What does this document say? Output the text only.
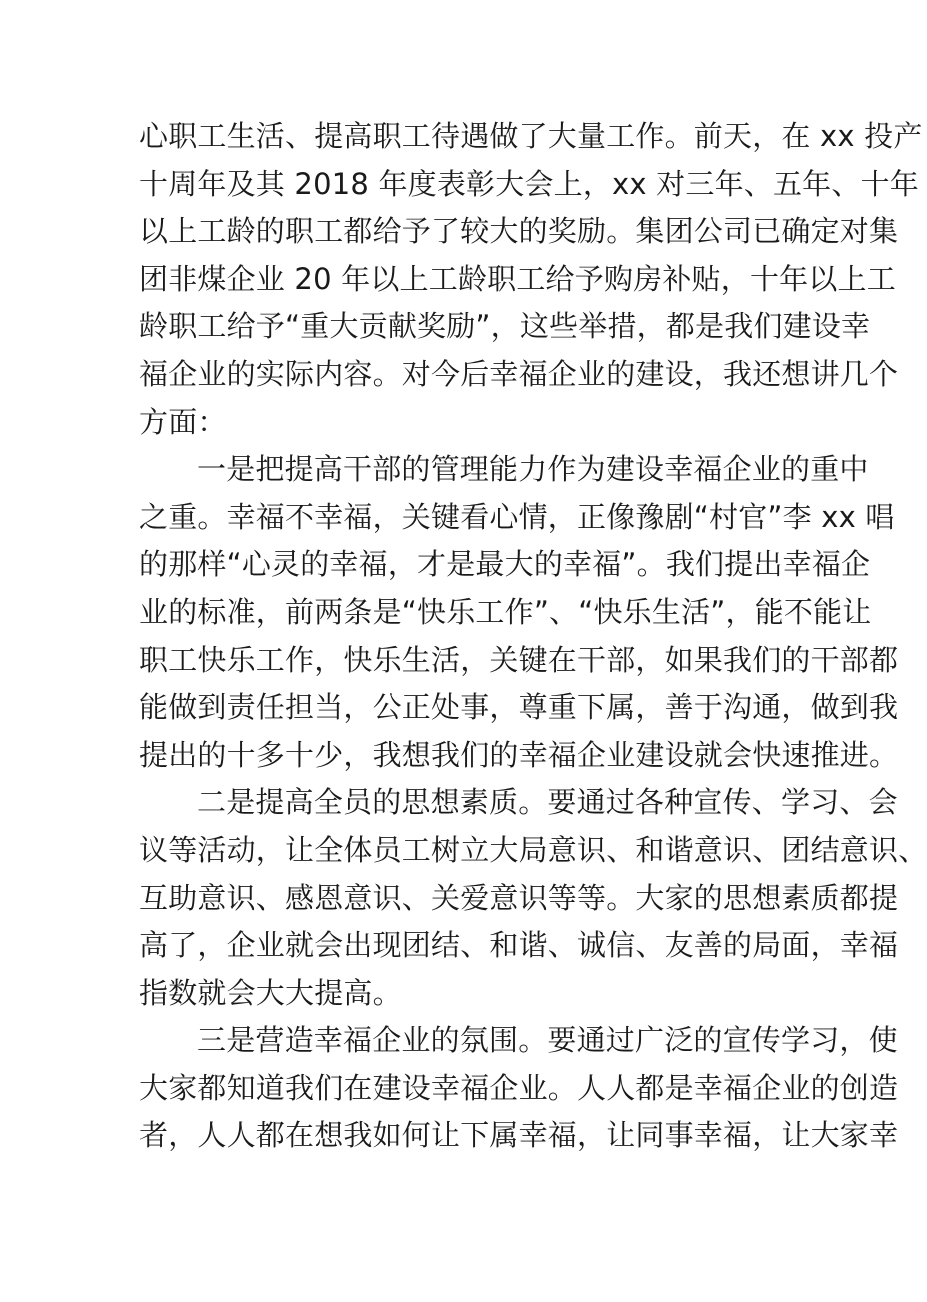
心职工生活、提高职工待遇做了大量工作。前天，在 xx 投产
十周年及其 2018 年度表彰大会上，xx 对三年、五年、十年
以上工龄的职工都给予了较大的奖励。集团公司已确定对集
团非煤企业 20 年以上工龄职工给予购房补贴，十年以上工
龄职工给予“重大贡献奖励”，这些举措，都是我们建设幸
福企业的实际内容。对今后幸福企业的建设，我还想讲几个
方面：
一是把提高干部的管理能力作为建设幸福企业的重中
之重。幸福不幸福，关键看心情，正像豫剧“村官”李 xx 唱
的那样“心灵的幸福，才是最大的幸福”。我们提出幸福企
业的标准，前两条是“快乐工作”、“快乐生活”，能不能让
职工快乐工作，快乐生活，关键在干部，如果我们的干部都
能做到责任担当，公正处事，尊重下属，善于沟通，做到我
提出的十多十少，我想我们的幸福企业建设就会快速推进。
二是提高全员的思想素质。要通过各种宣传、学习、会
议等活动，让全体员工树立大局意识、和谐意识、团结意识、
互助意识、感恩意识、关爱意识等等。大家的思想素质都提
高了，企业就会出现团结、和谐、诚信、友善的局面，幸福
指数就会大大提高。
三是营造幸福企业的氛围。要通过广泛的宣传学习，使
大家都知道我们在建设幸福企业。人人都是幸福企业的创造
者，人人都在想我如何让下属幸福，让同事幸福，让大家幸
